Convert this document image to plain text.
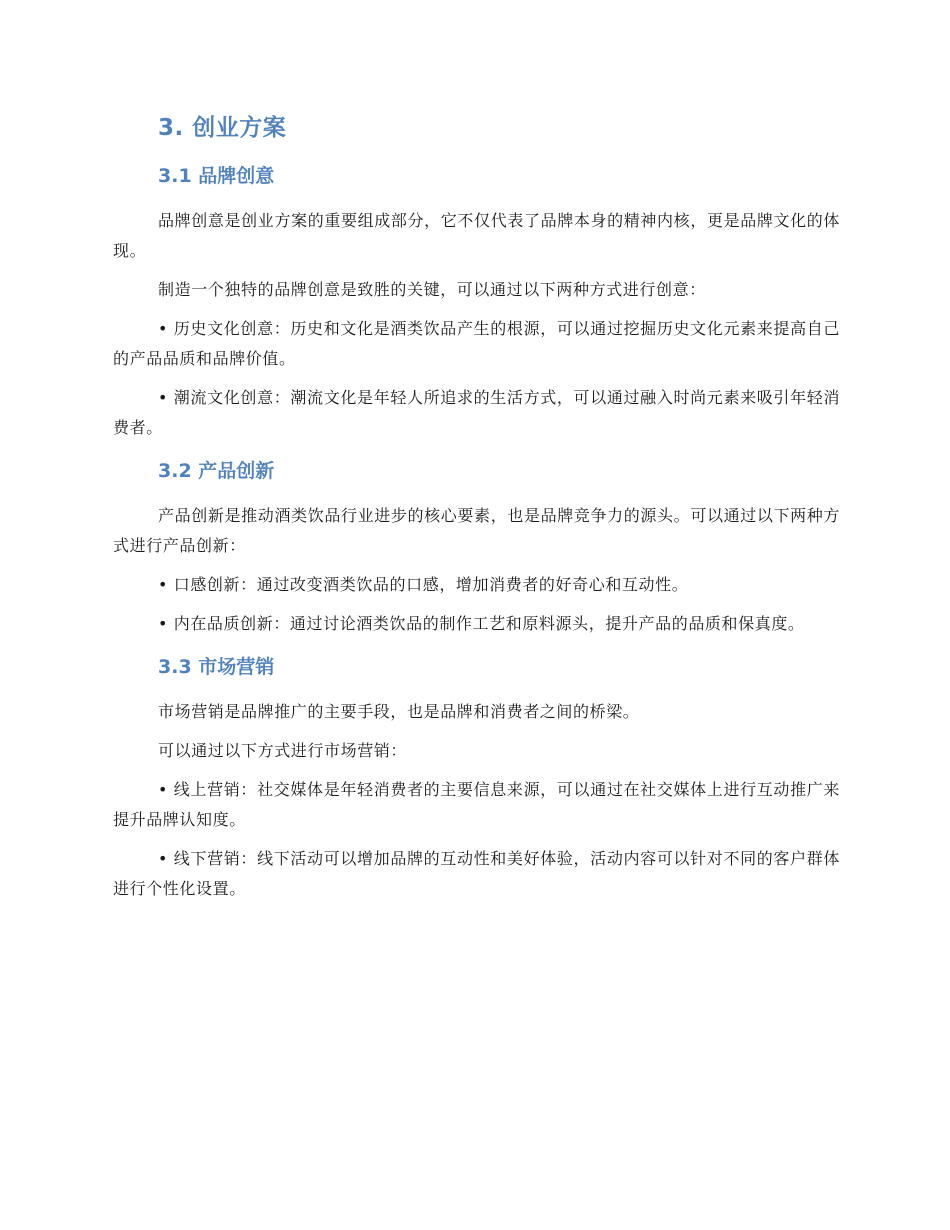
3. 创业方案
3.1 品牌创意

品牌创意是创业方案的重要组成部分，它不仅代表了品牌本身的精神内核，更是品牌文化的体现。

制造一个独特的品牌创意是致胜的关键，可以通过以下两种方式进行创意：

• 历史文化创意：历史和文化是酒类饮品产生的根源，可以通过挖掘历史文化元素来提高自己的产品品质和品牌价值。

• 潮流文化创意：潮流文化是年轻人所追求的生活方式，可以通过融入时尚元素来吸引年轻消费者。

3.2 产品创新

产品创新是推动酒类饮品行业进步的核心要素，也是品牌竞争力的源头。可以通过以下两种方式进行产品创新：

• 口感创新：通过改变酒类饮品的口感，增加消费者的好奇心和互动性。

• 内在品质创新：通过讨论酒类饮品的制作工艺和原料源头，提升产品的品质和保真度。

3.3 市场营销

市场营销是品牌推广的主要手段，也是品牌和消费者之间的桥梁。

可以通过以下方式进行市场营销：

• 线上营销：社交媒体是年轻消费者的主要信息来源，可以通过在社交媒体上进行互动推广来提升品牌认知度。

• 线下营销：线下活动可以增加品牌的互动性和美好体验，活动内容可以针对不同的客户群体进行个性化设置。
